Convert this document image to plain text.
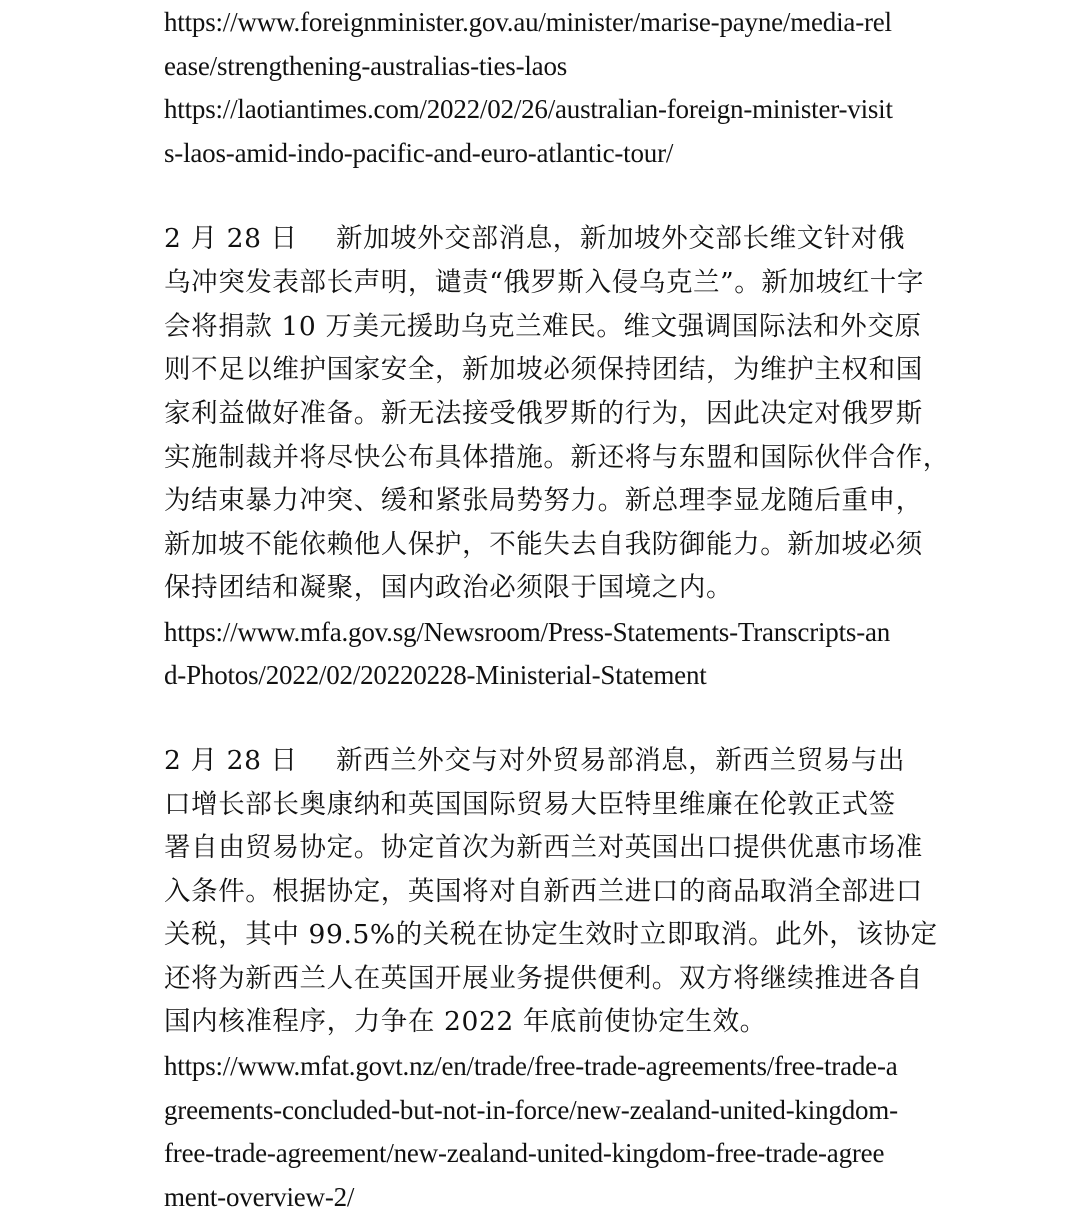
https://www.foreignminister.gov.au/minister/marise-payne/media-rel
ease/strengthening-australias-ties-laos
https://laotiantimes.com/2022/02/26/australian-foreign-minister-visit
s-laos-amid-indo-pacific-and-euro-atlantic-tour/
2 月 28 日 新加坡外交部消息，新加坡外交部长维文针对俄
乌冲突发表部长声明，谴责“俄罗斯入侵乌克兰”。新加坡红十字
会将捐款 10 万美元援助乌克兰难民。维文强调国际法和外交原
则不足以维护国家安全，新加坡必须保持团结，为维护主权和国
家利益做好准备。新无法接受俄罗斯的行为，因此决定对俄罗斯
实施制裁并将尽快公布具体措施。新还将与东盟和国际伙伴合作，
为结束暴力冲突、缓和紧张局势努力。新总理李显龙随后重申，
新加坡不能依赖他人保护，不能失去自我防御能力。新加坡必须
保持团结和凝聚，国内政治必须限于国境之内。
https://www.mfa.gov.sg/Newsroom/Press-Statements-Transcripts-an
d-Photos/2022/02/20220228-Ministerial-Statement
2 月 28 日 新西兰外交与对外贸易部消息，新西兰贸易与出
口增长部长奥康纳和英国国际贸易大臣特里维廉在伦敦正式签
署自由贸易协定。协定首次为新西兰对英国出口提供优惠市场准
入条件。根据协定，英国将对自新西兰进口的商品取消全部进口
关税，其中 99.5%的关税在协定生效时立即取消。此外，该协定
还将为新西兰人在英国开展业务提供便利。双方将继续推进各自
国内核准程序，力争在 2022 年底前使协定生效。
https://www.mfat.govt.nz/en/trade/free-trade-agreements/free-trade-a
greements-concluded-but-not-in-force/new-zealand-united-kingdom-
free-trade-agreement/new-zealand-united-kingdom-free-trade-agree
ment-overview-2/
